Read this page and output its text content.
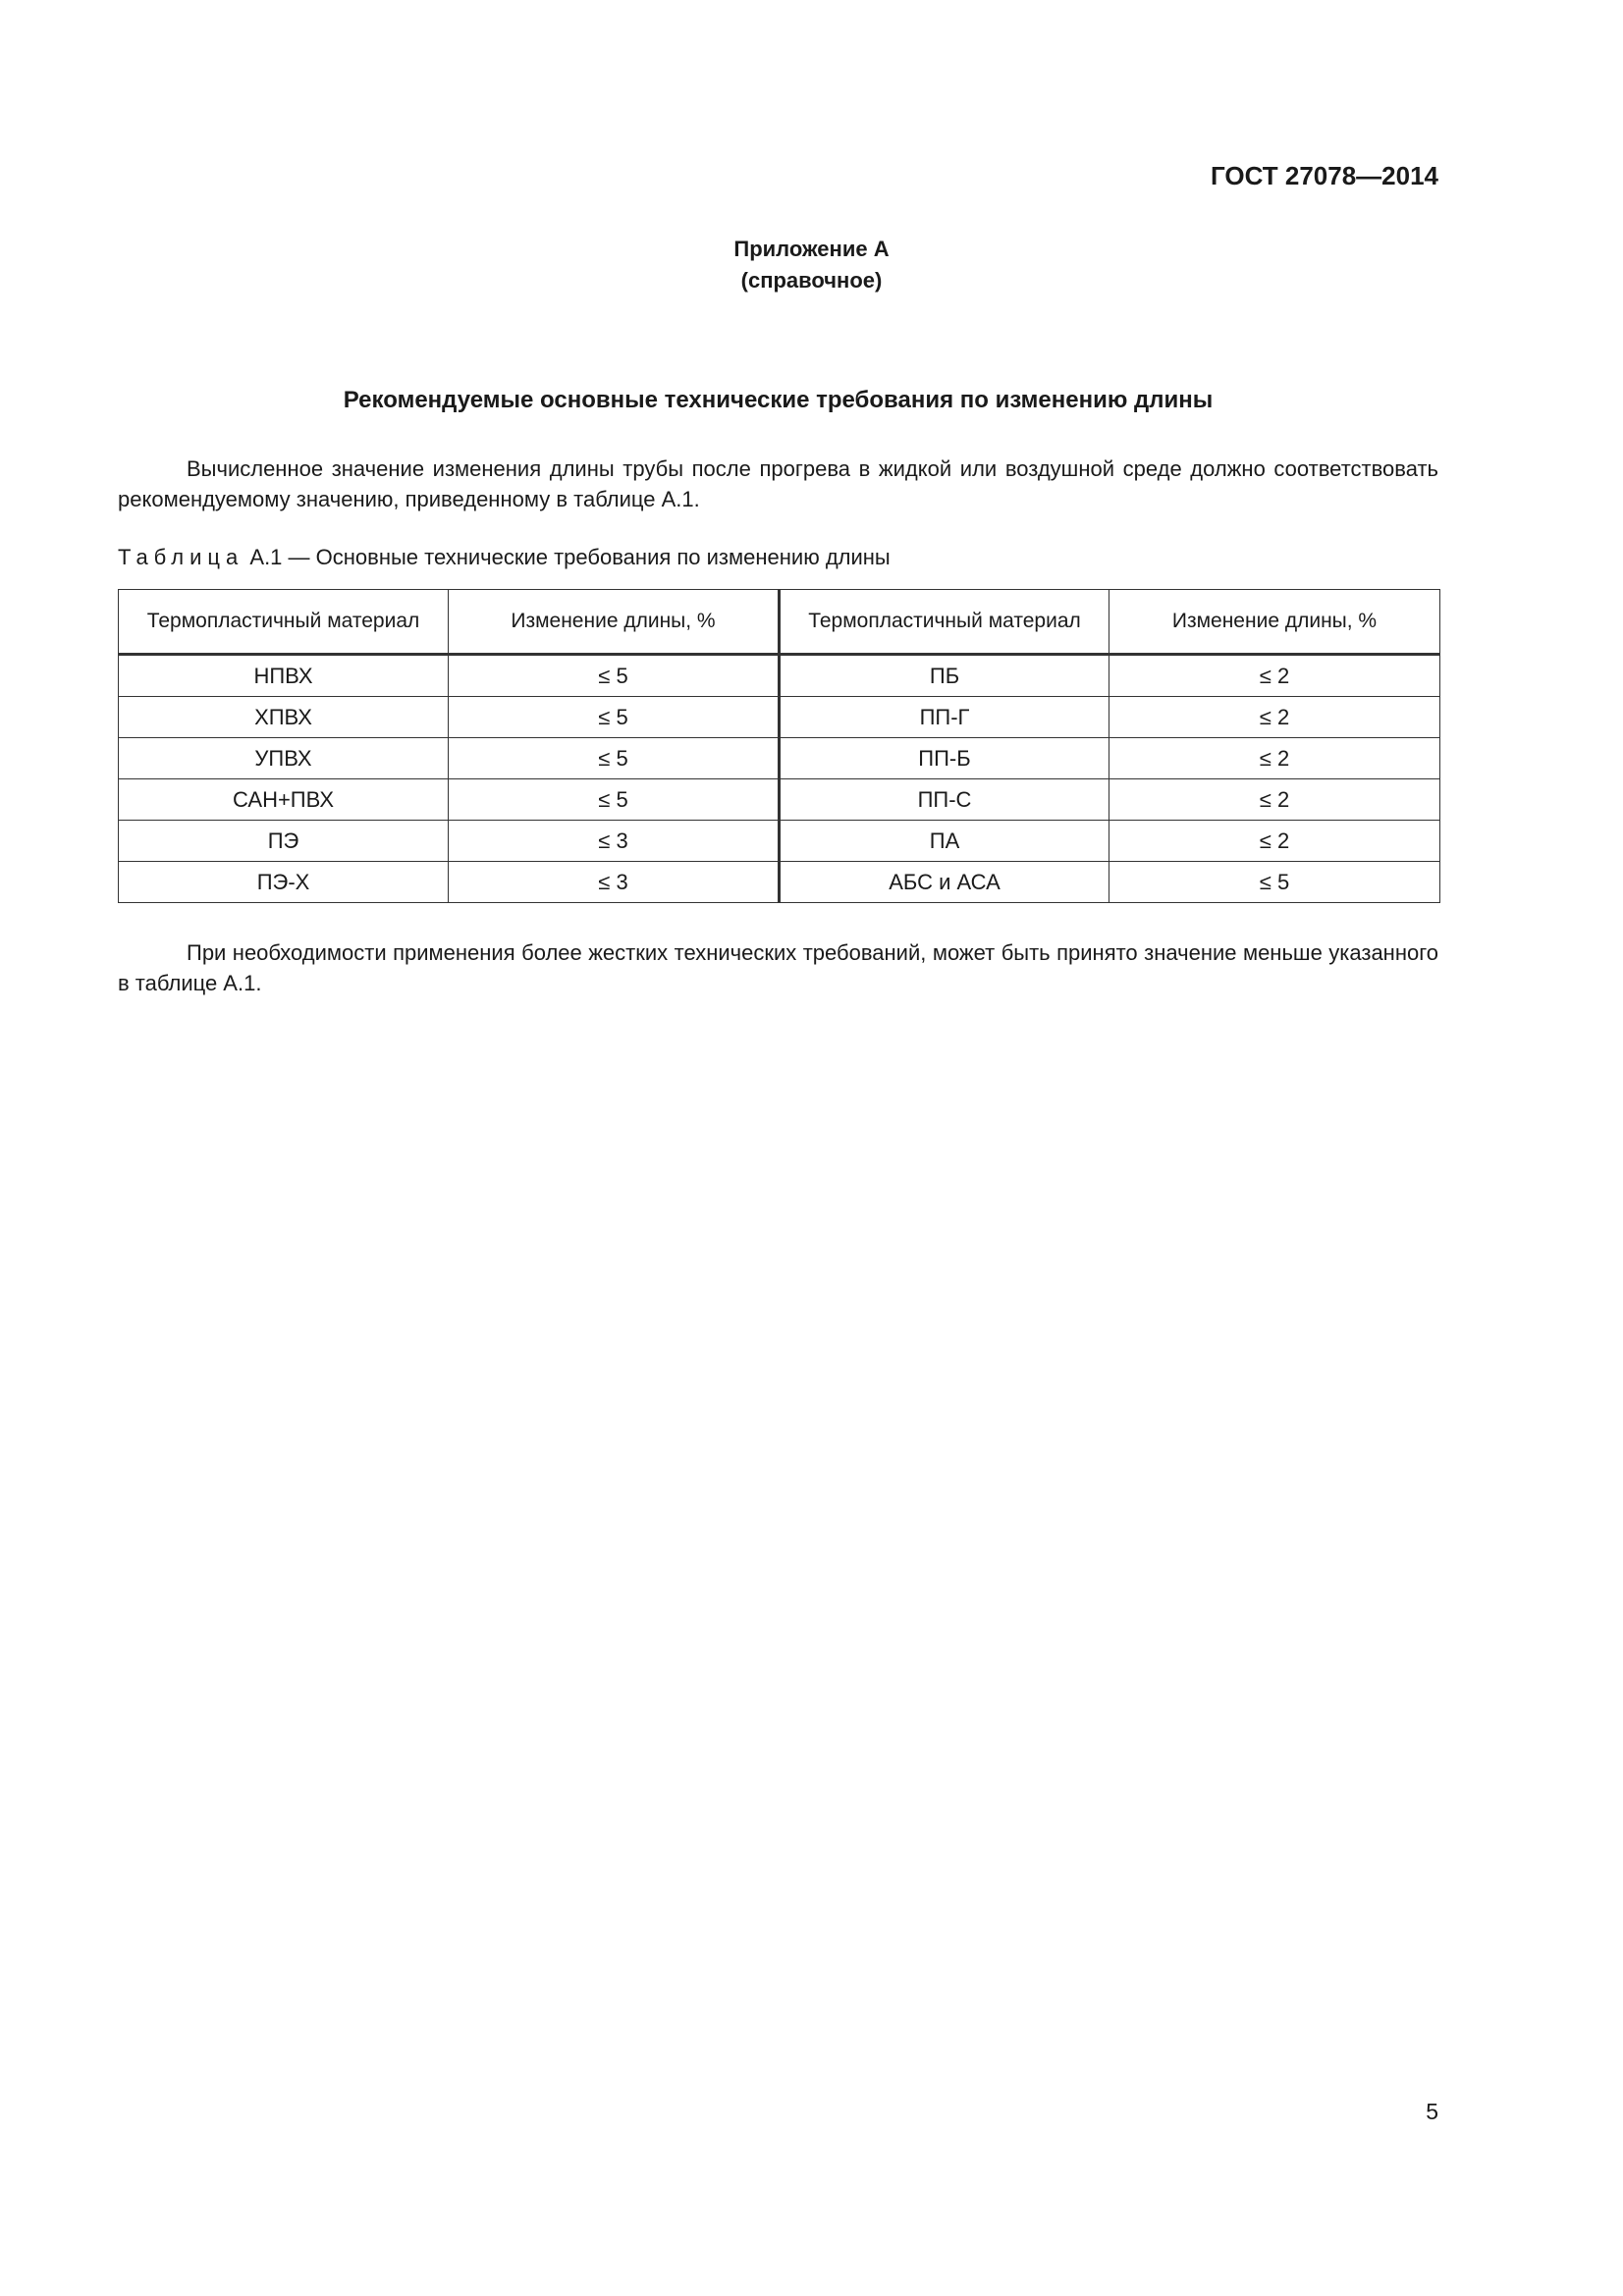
ГОСТ 27078—2014
Приложение А
(справочное)
Рекомендуемые основные технические требования по изменению длины
Вычисленное значение изменения длины трубы после прогрева в жидкой или воздушной среде должно соответствовать рекомендуемому значению, приведенному в таблице А.1.
Таблица А.1 — Основные технические требования по изменению длины
Термопластичный материал	Изменение длины, %	Термопластичный материал	Изменение длины, %
НПВХ	≤ 5	ПБ	≤ 2
ХПВХ	≤ 5	ПП-Г	≤ 2
УПВХ	≤ 5	ПП-Б	≤ 2
САН+ПВХ	≤ 5	ПП-С	≤ 2
ПЭ	≤ 3	ПА	≤ 2
ПЭ-Х	≤ 3	АБС и АСА	≤ 5
При необходимости применения более жестких технических требований, может быть принято значение меньше указанного в таблице А.1.
5
